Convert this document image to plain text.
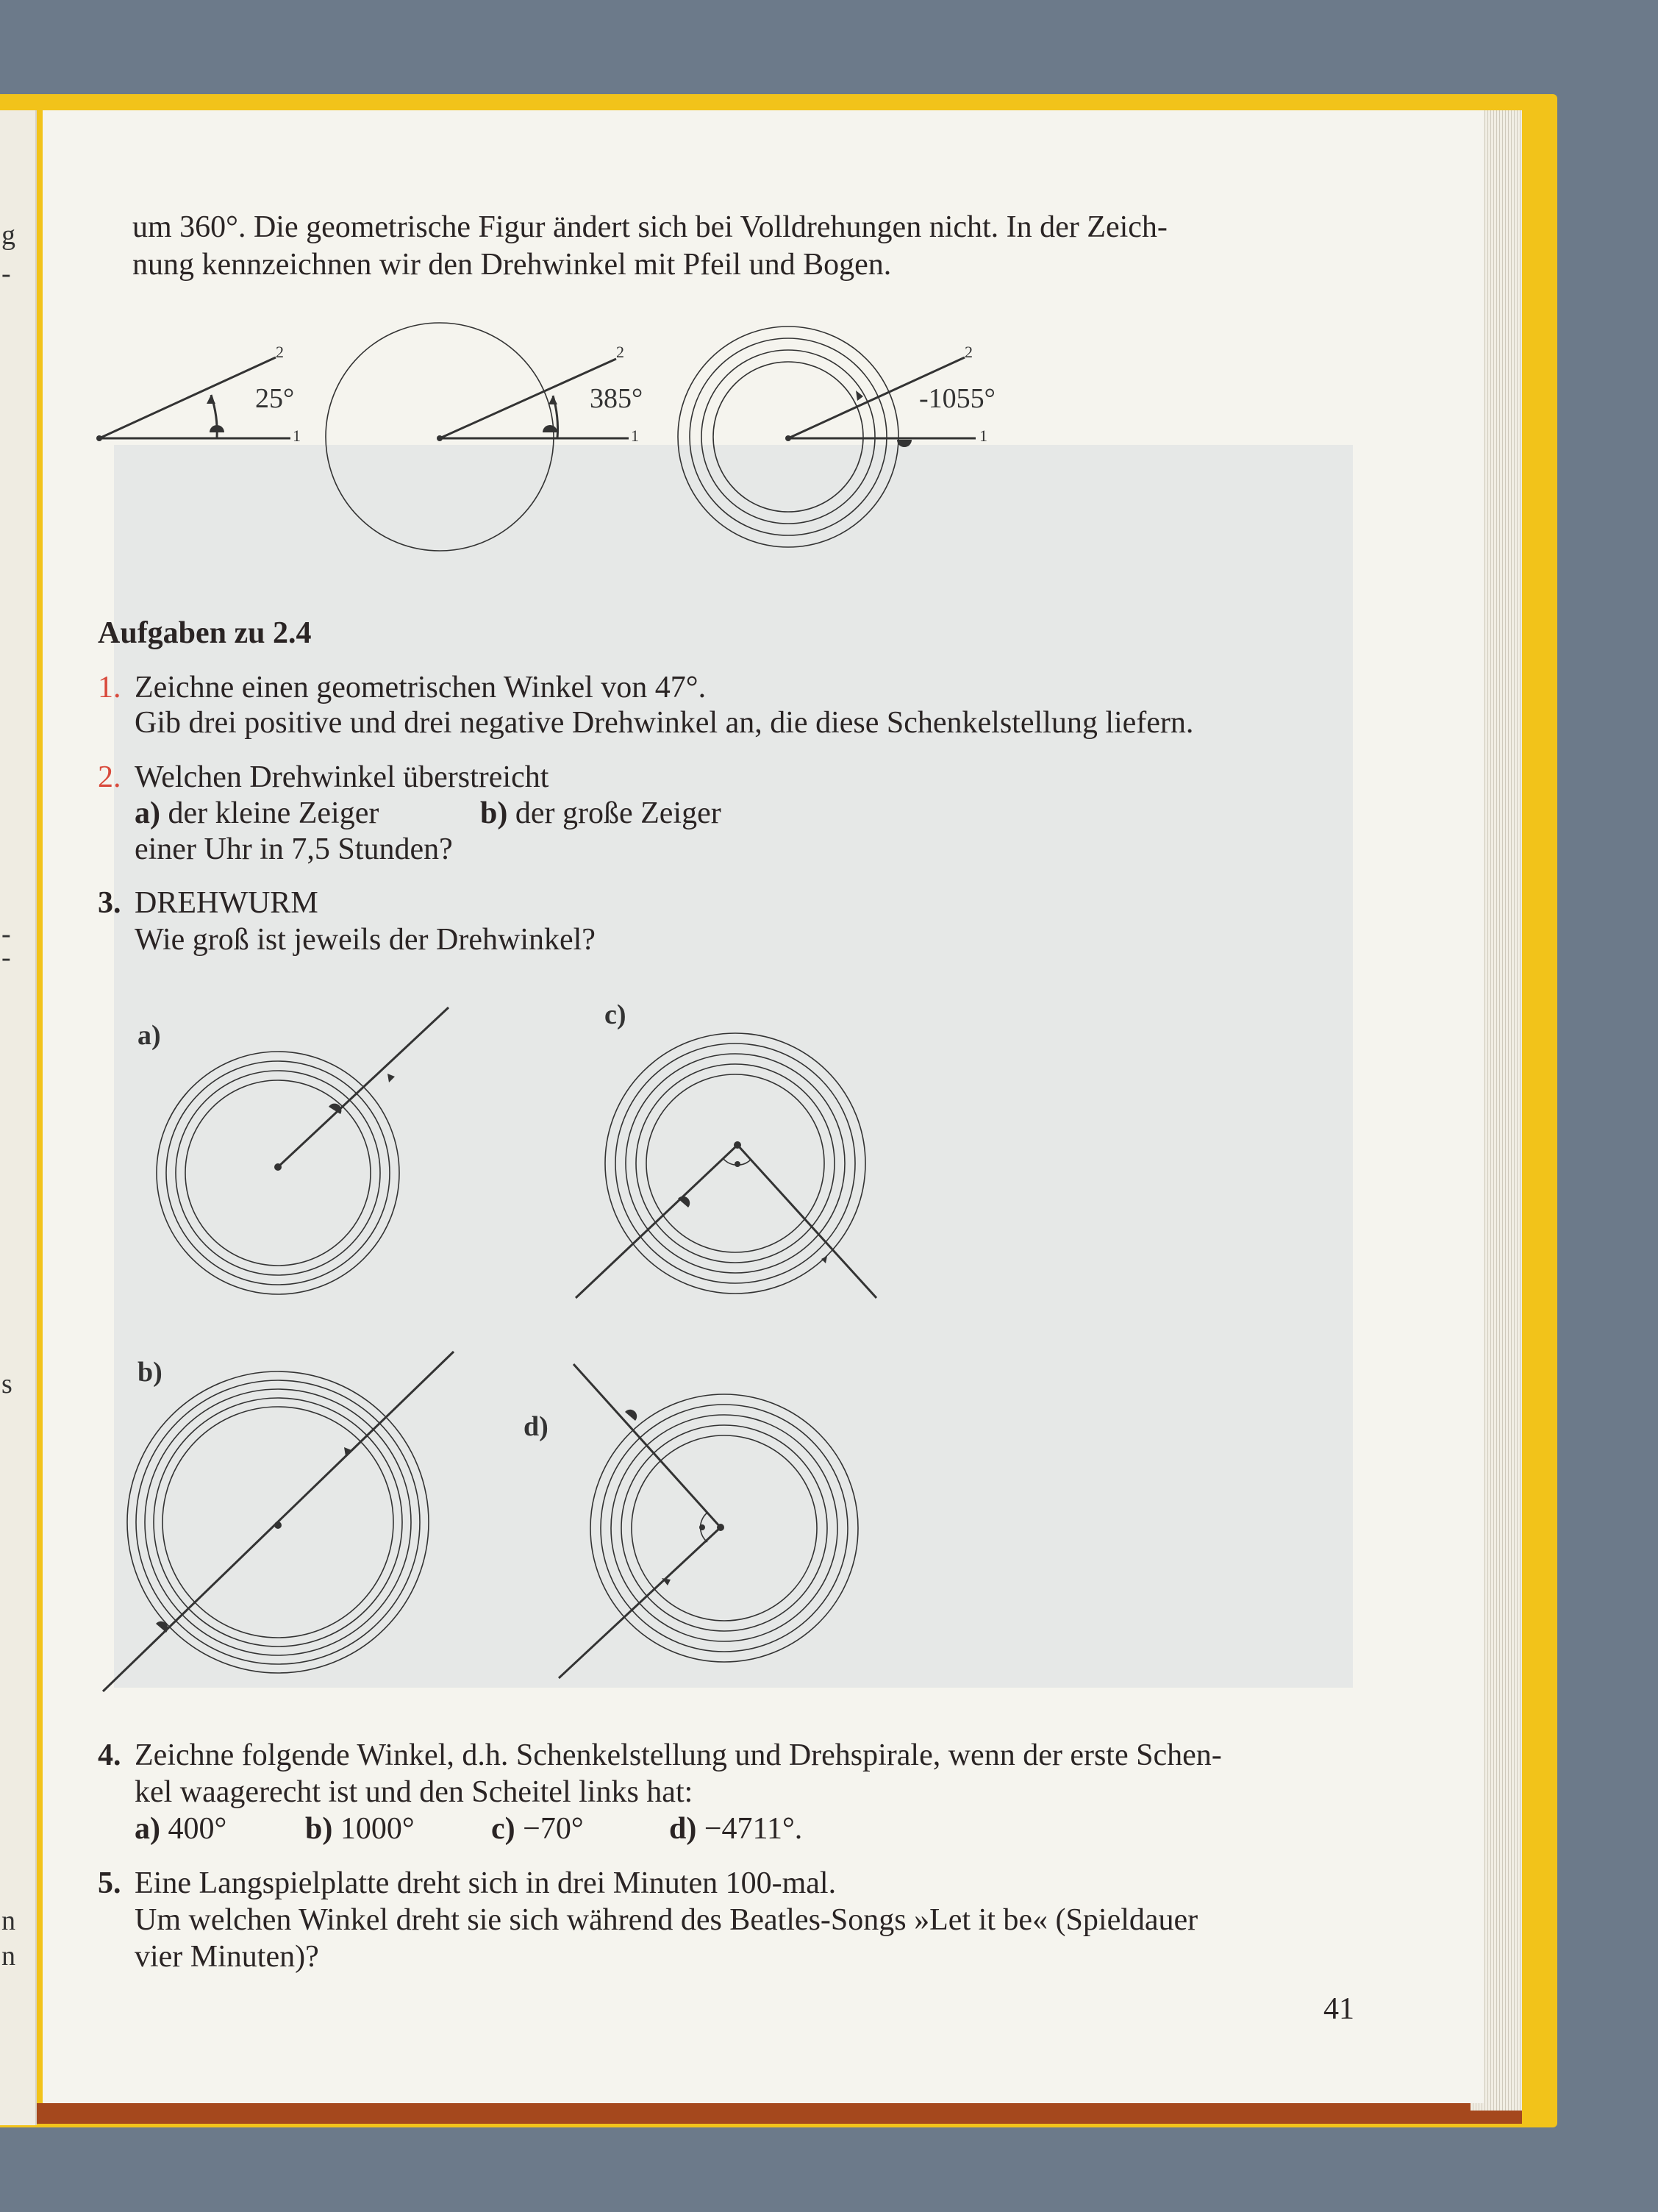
g
-
-
-
s
n
n
um 360°. Die geometrische Figur ändert sich bei Volldrehungen nicht. In der Zeich-
nung kennzeichnen wir den Drehwinkel mit Pfeil und Bogen.
25°	385°	-1055°
1
2
1
2
1
2
Aufgaben zu 2.4
1. Zeichne einen geometrischen Winkel von 47°.
Gib drei positive und drei negative Drehwinkel an, die diese Schenkelstellung liefern.
2. Welchen Drehwinkel überstreicht
a) der kleine Zeiger	b) der große Zeiger
einer Uhr in 7,5 Stunden?
3. DREHWURM
Wie groß ist jeweils der Drehwinkel?
a)
b)
c)
d)
4. Zeichne folgende Winkel, d.h. Schenkelstellung und Drehspirale, wenn der erste Schen-
kel waagerecht ist und den Scheitel links hat:
a) 400°	b) 1000° c) −70°	d) −4711°.
5. Eine Langspielplatte dreht sich in drei Minuten 100-mal.
Um welchen Winkel dreht sie sich während des Beatles-Songs »Let it be« (Spieldauer
vier Minuten)?
41
